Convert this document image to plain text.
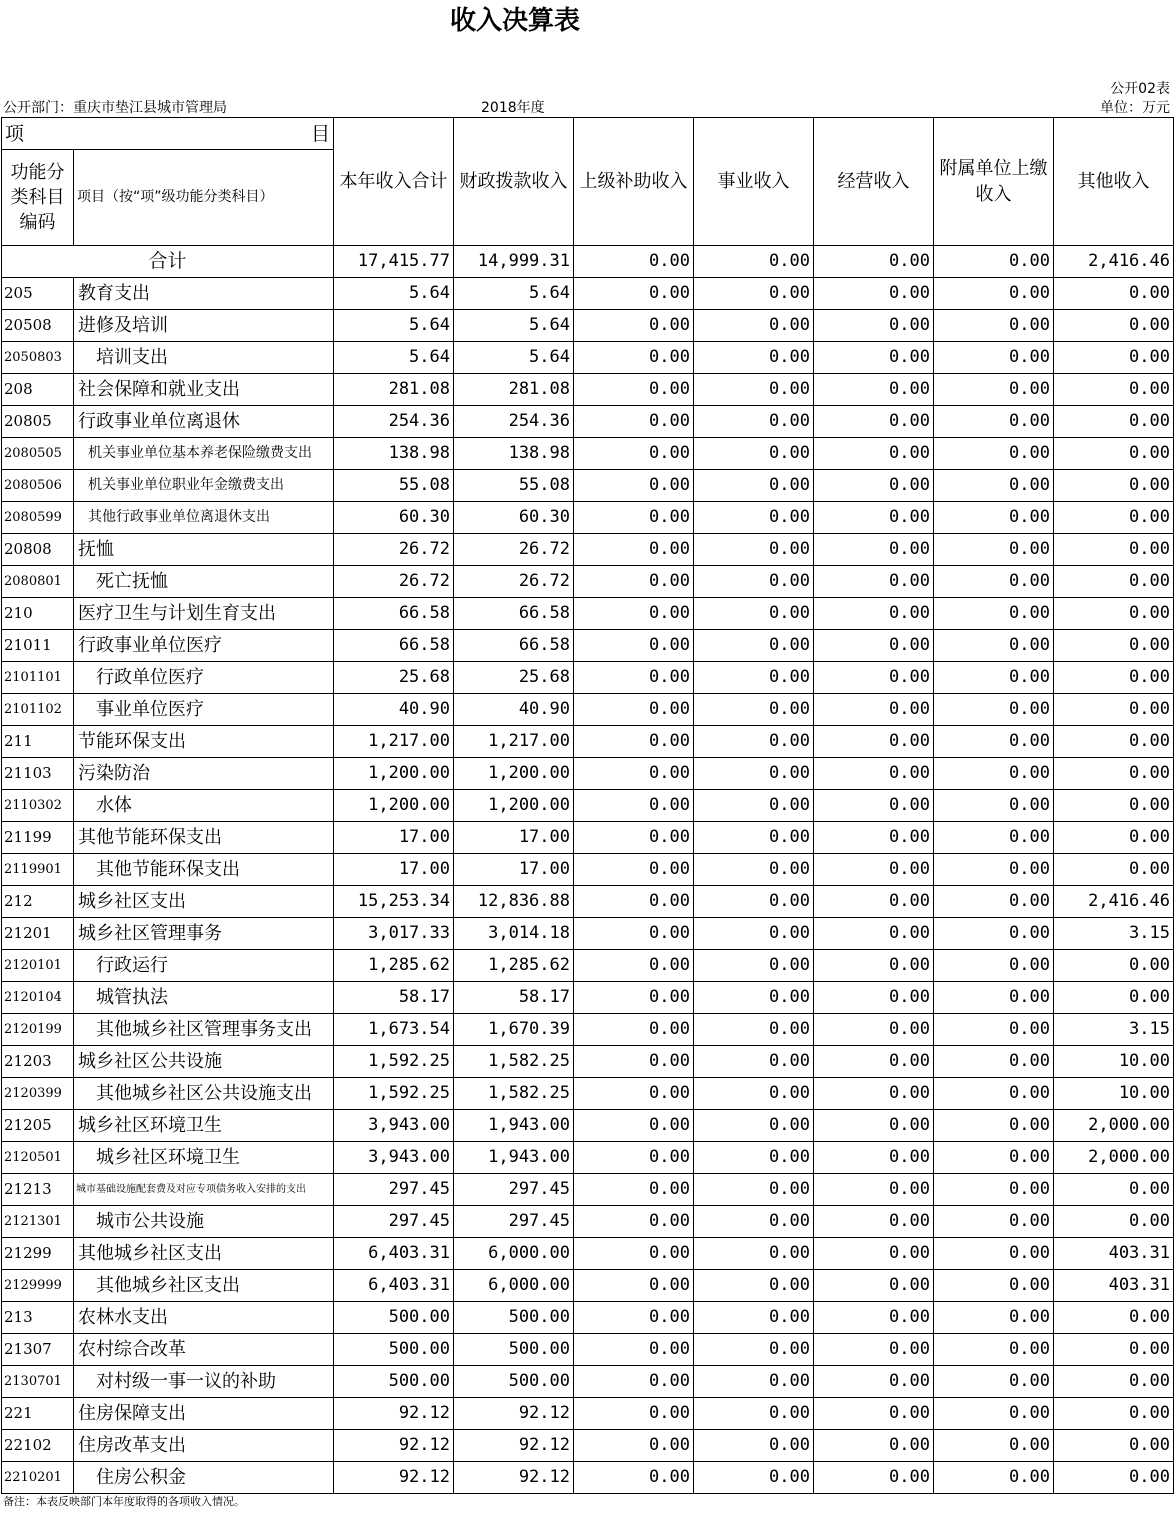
收入决算表
公开02表
公开部门：重庆市垫江县城市管理局	2018年度	单位：万元
项 目		本年收入合计	财政拨款收入	上级补助收入	事业收入	经营收入	附属单位上缴收入	其他收入
功能分类科目编码	项目（按“项”级功能分类科目）							
合计		17,415.77	14,999.31	0.00	0.00	0.00	0.00	2,416.46
205	教育支出	5.64	5.64	0.00	0.00	0.00	0.00	0.00
20508	进修及培训	5.64	5.64	0.00	0.00	0.00	0.00	0.00
2050803	培训支出	5.64	5.64	0.00	0.00	0.00	0.00	0.00
208	社会保障和就业支出	281.08	281.08	0.00	0.00	0.00	0.00	0.00
20805	行政事业单位离退休	254.36	254.36	0.00	0.00	0.00	0.00	0.00
2080505	机关事业单位基本养老保险缴费支出	138.98	138.98	0.00	0.00	0.00	0.00	0.00
2080506	机关事业单位职业年金缴费支出	55.08	55.08	0.00	0.00	0.00	0.00	0.00
2080599	其他行政事业单位离退休支出	60.30	60.30	0.00	0.00	0.00	0.00	0.00
20808	抚恤	26.72	26.72	0.00	0.00	0.00	0.00	0.00
2080801	死亡抚恤	26.72	26.72	0.00	0.00	0.00	0.00	0.00
210	医疗卫生与计划生育支出	66.58	66.58	0.00	0.00	0.00	0.00	0.00
21011	行政事业单位医疗	66.58	66.58	0.00	0.00	0.00	0.00	0.00
2101101	行政单位医疗	25.68	25.68	0.00	0.00	0.00	0.00	0.00
2101102	事业单位医疗	40.90	40.90	0.00	0.00	0.00	0.00	0.00
211	节能环保支出	1,217.00	1,217.00	0.00	0.00	0.00	0.00	0.00
21103	污染防治	1,200.00	1,200.00	0.00	0.00	0.00	0.00	0.00
2110302	水体	1,200.00	1,200.00	0.00	0.00	0.00	0.00	0.00
21199	其他节能环保支出	17.00	17.00	0.00	0.00	0.00	0.00	0.00
2119901	其他节能环保支出	17.00	17.00	0.00	0.00	0.00	0.00	0.00
212	城乡社区支出	15,253.34	12,836.88	0.00	0.00	0.00	0.00	2,416.46
21201	城乡社区管理事务	3,017.33	3,014.18	0.00	0.00	0.00	0.00	3.15
2120101	行政运行	1,285.62	1,285.62	0.00	0.00	0.00	0.00	0.00
2120104	城管执法	58.17	58.17	0.00	0.00	0.00	0.00	0.00
2120199	其他城乡社区管理事务支出	1,673.54	1,670.39	0.00	0.00	0.00	0.00	3.15
21203	城乡社区公共设施	1,592.25	1,582.25	0.00	0.00	0.00	0.00	10.00
2120399	其他城乡社区公共设施支出	1,592.25	1,582.25	0.00	0.00	0.00	0.00	10.00
21205	城乡社区环境卫生	3,943.00	1,943.00	0.00	0.00	0.00	0.00	2,000.00
2120501	城乡社区环境卫生	3,943.00	1,943.00	0.00	0.00	0.00	0.00	2,000.00
21213	城市基础设施配套费及对应专项债务收入安排的支出	297.45	297.45	0.00	0.00	0.00	0.00	0.00
2121301	城市公共设施	297.45	297.45	0.00	0.00	0.00	0.00	0.00
21299	其他城乡社区支出	6,403.31	6,000.00	0.00	0.00	0.00	0.00	403.31
2129999	其他城乡社区支出	6,403.31	6,000.00	0.00	0.00	0.00	0.00	403.31
213	农林水支出	500.00	500.00	0.00	0.00	0.00	0.00	0.00
21307	农村综合改革	500.00	500.00	0.00	0.00	0.00	0.00	0.00
2130701	对村级一事一议的补助	500.00	500.00	0.00	0.00	0.00	0.00	0.00
221	住房保障支出	92.12	92.12	0.00	0.00	0.00	0.00	0.00
22102	住房改革支出	92.12	92.12	0.00	0.00	0.00	0.00	0.00
2210201	住房公积金	92.12	92.12	0.00	0.00	0.00	0.00	0.00
备注：本表反映部门本年度取得的各项收入情况。
